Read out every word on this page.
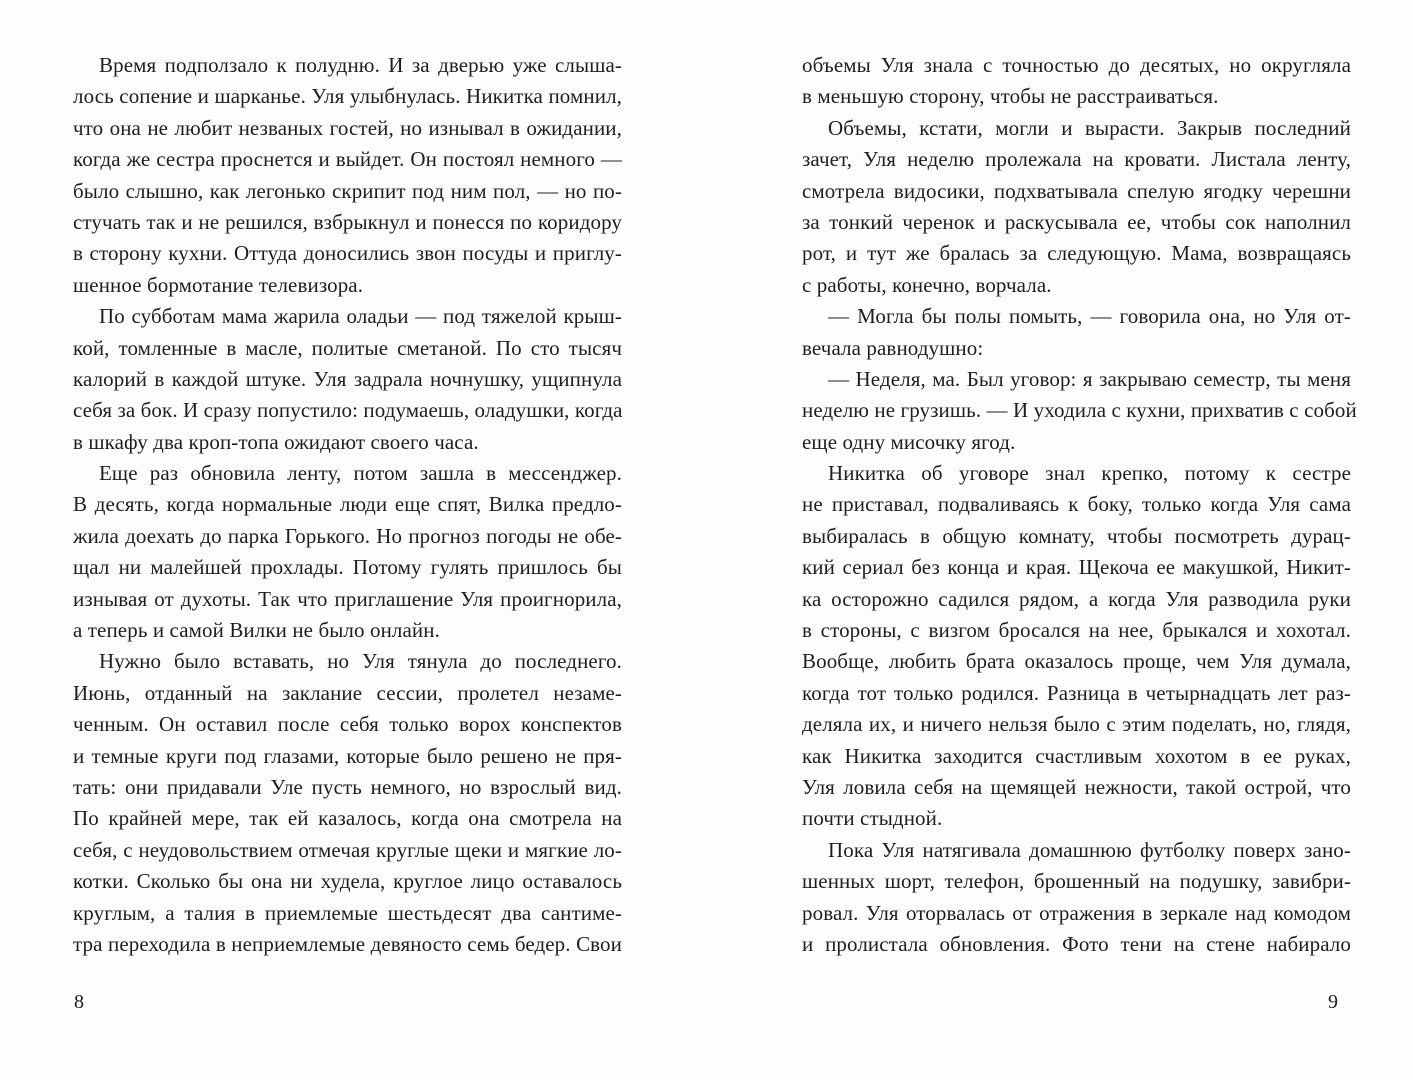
Время подползало к полудню. И за дверью уже слыша-
лось сопение и шарканье. Уля улыбнулась. Никитка помнил,
что она не любит незваных гостей, но изнывал в ожидании,
когда же сестра проснется и выйдет. Он постоял немного —
было слышно, как легонько скрипит под ним пол, — но по-
стучать так и не решился, взбрыкнул и понесся по коридору
в сторону кухни. Оттуда доносились звон посуды и приглу-
шенное бормотание телевизора.
По субботам мама жарила оладьи — под тяжелой крыш-
кой, томленные в масле, политые сметаной. По сто тысяч
калорий в каждой штуке. Уля задрала ночнушку, ущипнула
себя за бок. И сразу попустило: подумаешь, оладушки, когда
в шкафу два кроп-топа ожидают своего часа.
Еще раз обновила ленту, потом зашла в мессенджер.
В десять, когда нормальные люди еще спят, Вилка предло-
жила доехать до парка Горького. Но прогноз погоды не обе-
щал ни малейшей прохлады. Потому гулять пришлось бы
изнывая от духоты. Так что приглашение Уля проигнорила,
а теперь и самой Вилки не было онлайн.
Нужно было вставать, но Уля тянула до последнего.
Июнь, отданный на заклание сессии, пролетел незаме-
ченным. Он оставил после себя только ворох конспектов
и темные круги под глазами, которые было решено не пря-
тать: они придавали Уле пусть немного, но взрослый вид.
По крайней мере, так ей казалось, когда она смотрела на
себя, с неудовольствием отмечая круглые щеки и мягкие ло-
котки. Сколько бы она ни худела, круглое лицо оставалось
круглым, а талия в приемлемые шестьдесят два сантиме-
тра переходила в неприемлемые девяносто семь бедер. Свои
объемы Уля знала с точностью до десятых, но округляла
в меньшую сторону, чтобы не расстраиваться.
Объемы, кстати, могли и вырасти. Закрыв последний
зачет, Уля неделю пролежала на кровати. Листала ленту,
смотрела видосики, подхватывала спелую ягодку черешни
за тонкий черенок и раскусывала ее, чтобы сок наполнил
рот, и тут же бралась за следующую. Мама, возвращаясь
с работы, конечно, ворчала.
— Могла бы полы помыть, — говорила она, но Уля от-
вечала равнодушно:
— Неделя, ма. Был уговор: я закрываю семестр, ты меня
неделю не грузишь. — И уходила с кухни, прихватив с собой
еще одну мисочку ягод.
Никитка об уговоре знал крепко, потому к сестре
не приставал, подваливаясь к боку, только когда Уля сама
выбиралась в общую комнату, чтобы посмотреть дурац-
кий сериал без конца и края. Щекоча ее макушкой, Никит-
ка осторожно садился рядом, а когда Уля разводила руки
в стороны, с визгом бросался на нее, брыкался и хохотал.
Вообще, любить брата оказалось проще, чем Уля думала,
когда тот только родился. Разница в четырнадцать лет раз-
деляла их, и ничего нельзя было с этим поделать, но, глядя,
как Никитка заходится счастливым хохотом в ее руках,
Уля ловила себя на щемящей нежности, такой острой, что
почти стыдной.
Пока Уля натягивала домашнюю футболку поверх зано-
шенных шорт, телефон, брошенный на подушку, завибри-
ровал. Уля оторвалась от отражения в зеркале над комодом
и пролистала обновления. Фото тени на стене набирало
8	9
